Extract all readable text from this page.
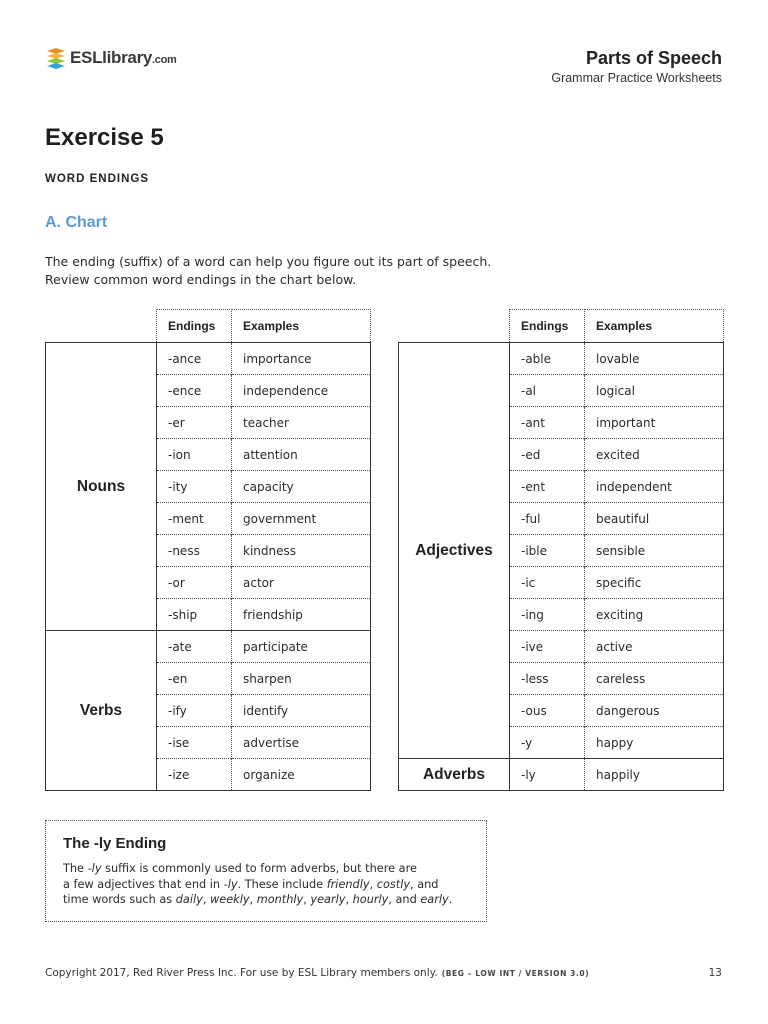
ESLlibrary.com	Parts of Speech
Grammar Practice Worksheets
Exercise 5
WORD ENDINGS
A. Chart
The ending (suffix) of a word can help you figure out its part of speech.
Review common word endings in the chart below.
	Endings	Examples
Nouns	-ance	importance
	-ence	independence
	-er	teacher
	-ion	attention
	-ity	capacity
	-ment	government
	-ness	kindness
	-or	actor
	-ship	friendship
Verbs	-ate	participate
	-en	sharpen
	-ify	identify
	-ise	advertise
	-ize	organize
	Endings	Examples
Adjectives	-able	lovable
	-al	logical
	-ant	important
	-ed	excited
	-ent	independent
	-ful	beautiful
	-ible	sensible
	-ic	specific
	-ing	exciting
	-ive	active
	-less	careless
	-ous	dangerous
	-y	happy
Adverbs	-ly	happily
The -ly Ending
The -ly suffix is commonly used to form adverbs, but there are
a few adjectives that end in -ly. These include friendly, costly, and
time words such as daily, weekly, monthly, yearly, hourly, and early.
Copyright 2017, Red River Press Inc. For use by ESL Library members only. (BEG – LOW INT / VERSION 3.0)	13
